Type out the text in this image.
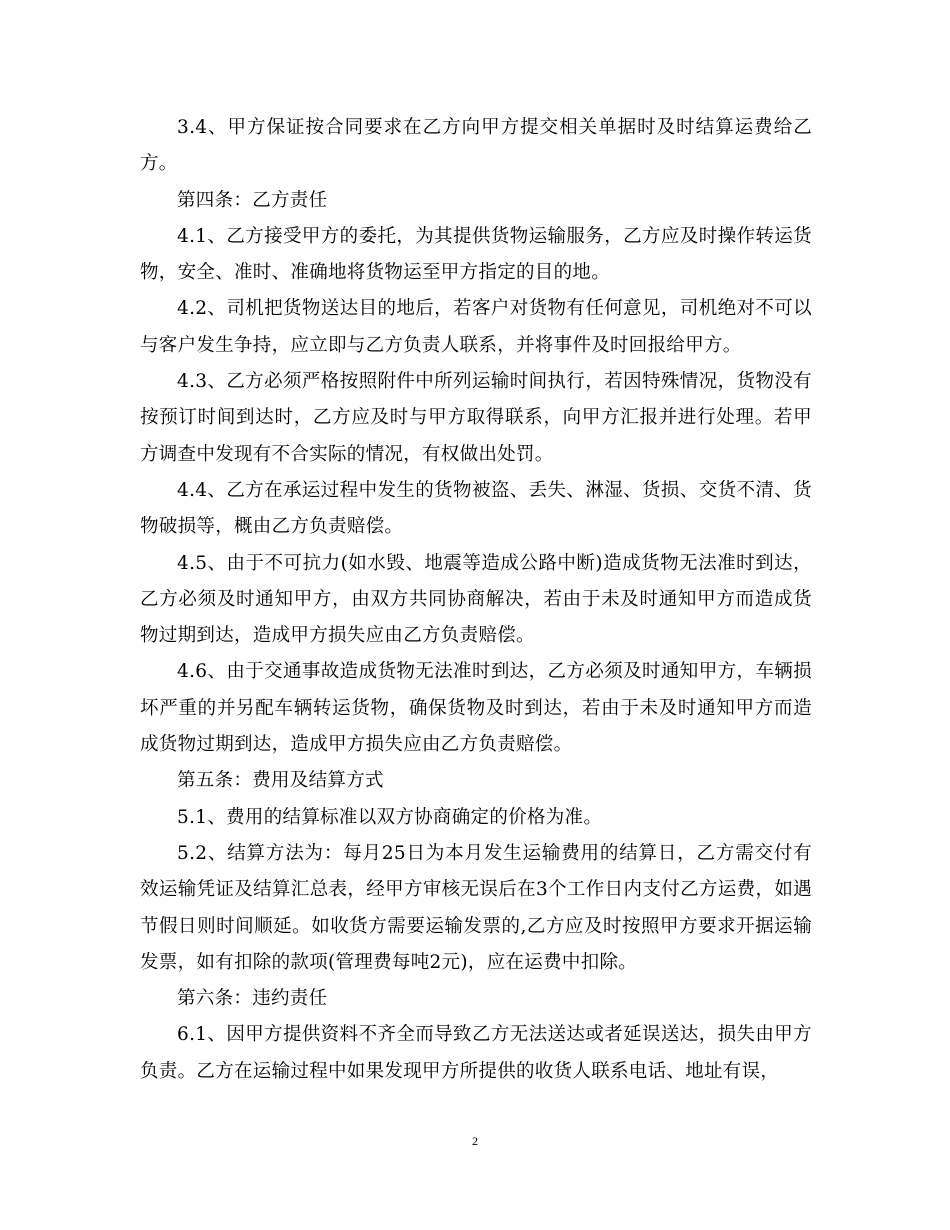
3.4、甲方保证按合同要求在乙方向甲方提交相关单据时及时结算运费给乙方。

第四条：乙方责任

4.1、乙方接受甲方的委托，为其提供货物运输服务，乙方应及时操作转运货物，安全、准时、准确地将货物运至甲方指定的目的地。

4.2、司机把货物送达目的地后，若客户对货物有任何意见，司机绝对不可以与客户发生争持，应立即与乙方负责人联系，并将事件及时回报给甲方。

4.3、乙方必须严格按照附件中所列运输时间执行，若因特殊情况，货物没有按预订时间到达时，乙方应及时与甲方取得联系，向甲方汇报并进行处理。若甲方调查中发现有不合实际的情况，有权做出处罚。

4.4、乙方在承运过程中发生的货物被盗、丢失、淋湿、货损、交货不清、货物破损等，概由乙方负责赔偿。

4.5、由于不可抗力(如水毁、地震等造成公路中断)造成货物无法准时到达，乙方必须及时通知甲方，由双方共同协商解决，若由于未及时通知甲方而造成货物过期到达，造成甲方损失应由乙方负责赔偿。

4.6、由于交通事故造成货物无法准时到达，乙方必须及时通知甲方，车辆损坏严重的并另配车辆转运货物，确保货物及时到达，若由于未及时通知甲方而造成货物过期到达，造成甲方损失应由乙方负责赔偿。

第五条：费用及结算方式

5.1、费用的结算标准以双方协商确定的价格为准。

5.2、结算方法为：每月25日为本月发生运输费用的结算日，乙方需交付有效运输凭证及结算汇总表，经甲方审核无误后在3个工作日内支付乙方运费，如遇节假日则时间顺延。如收货方需要运输发票的,乙方应及时按照甲方要求开据运输发票，如有扣除的款项(管理费每吨2元)，应在运费中扣除。

第六条：违约责任

6.1、因甲方提供资料不齐全而导致乙方无法送达或者延误送达，损失由甲方负责。乙方在运输过程中如果发现甲方所提供的收货人联系电话、地址有误，

2
